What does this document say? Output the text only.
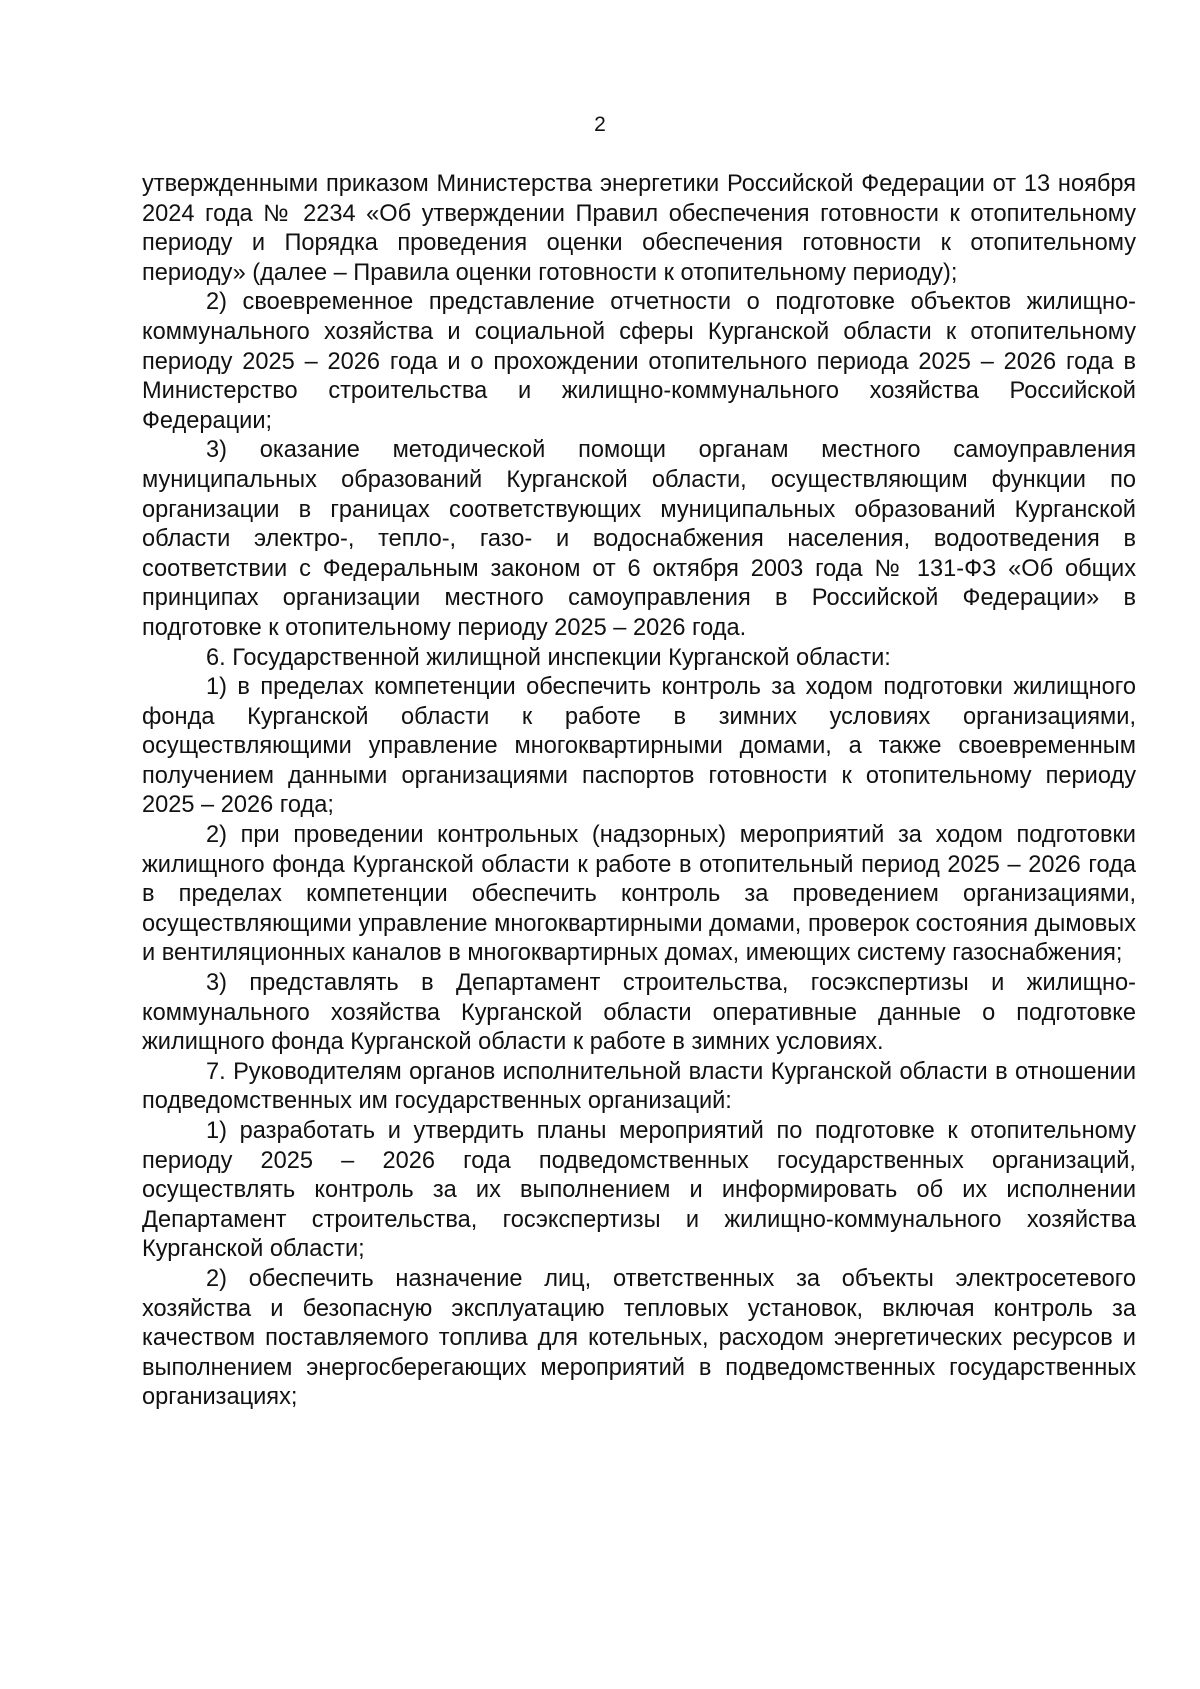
2

утвержденными приказом Министерства энергетики Российской Федерации от 13 ноября 2024 года № 2234 «Об утверждении Правил обеспечения готовности к отопительному периоду и Порядка проведения оценки обеспечения готовности к отопительному периоду» (далее – Правила оценки готовности к отопительному периоду);

2) своевременное представление отчетности о подготовке объектов жилищно-коммунального хозяйства и социальной сферы Курганской области к отопительному периоду 2025 – 2026 года и о прохождении отопительного периода 2025 – 2026 года в Министерство строительства и жилищно-коммунального хозяйства Российской Федерации;

3) оказание методической помощи органам местного самоуправления муниципальных образований Курганской области, осуществляющим функции по организации в границах соответствующих муниципальных образований Курганской области электро-, тепло-, газо- и водоснабжения населения, водоотведения в соответствии с Федеральным законом от 6 октября 2003 года № 131-ФЗ «Об общих принципах организации местного самоуправления в Российской Федерации» в подготовке к отопительному периоду 2025 – 2026 года.

6. Государственной жилищной инспекции Курганской области:

1) в пределах компетенции обеспечить контроль за ходом подготовки жилищного фонда Курганской области к работе в зимних условиях организациями, осуществляющими управление многоквартирными домами, а также своевременным получением данными организациями паспортов готовности к отопительному периоду 2025 – 2026 года;

2) при проведении контрольных (надзорных) мероприятий за ходом подготовки жилищного фонда Курганской области к работе в отопительный период 2025 – 2026 года в пределах компетенции обеспечить контроль за проведением организациями, осуществляющими управление многоквартирными домами, проверок состояния дымовых и вентиляционных каналов в многоквартирных домах, имеющих систему газоснабжения;

3) представлять в Департамент строительства, госэкспертизы и жилищно-коммунального хозяйства Курганской области оперативные данные о подготовке жилищного фонда Курганской области к работе в зимних условиях.

7. Руководителям органов исполнительной власти Курганской области в отношении подведомственных им государственных организаций:

1) разработать и утвердить планы мероприятий по подготовке к отопительному периоду 2025 – 2026 года подведомственных государственных организаций, осуществлять контроль за их выполнением и информировать об их исполнении Департамент строительства, госэкспертизы и жилищно-коммунального хозяйства Курганской области;

2) обеспечить назначение лиц, ответственных за объекты электросетевого хозяйства и безопасную эксплуатацию тепловых установок, включая контроль за качеством поставляемого топлива для котельных, расходом энергетических ресурсов и выполнением энергосберегающих мероприятий в подведомственных государственных организациях;
